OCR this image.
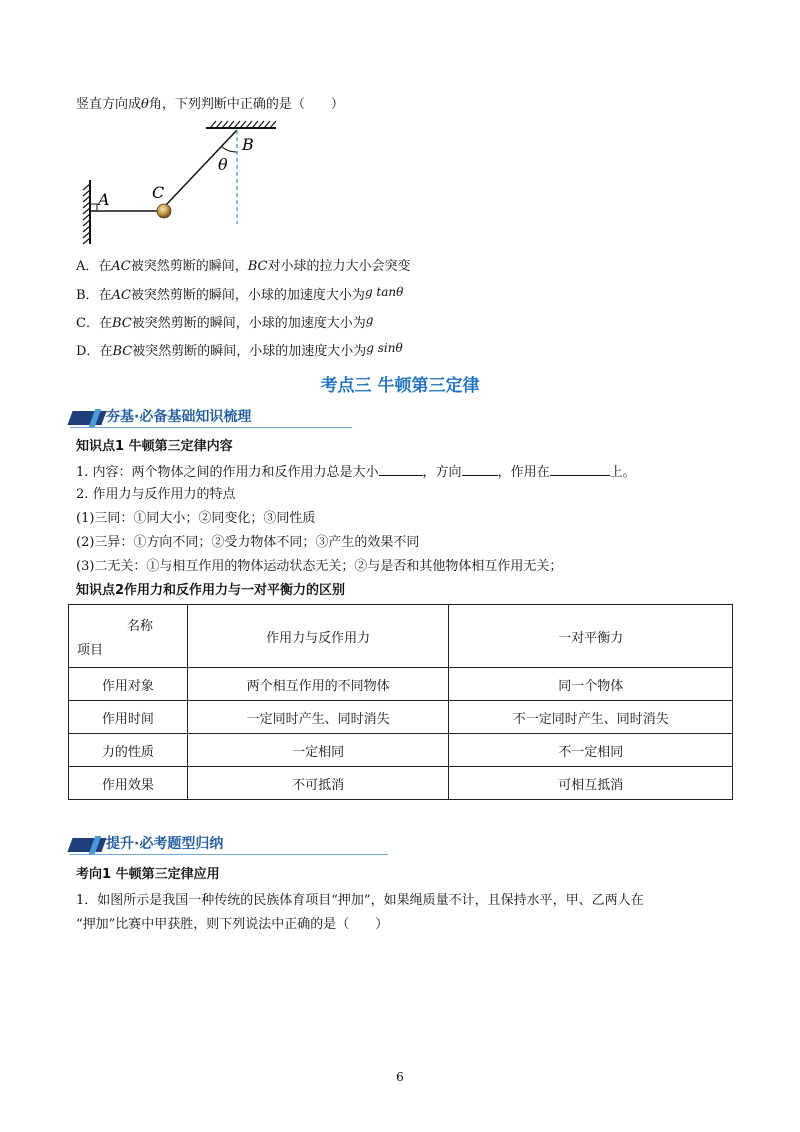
竖直方向成θ角，下列判断中正确的是（　　）
A	C
B
θ
A．在AC被突然剪断的瞬间，BC对小球的拉力大小会突变
B．在AC被突然剪断的瞬间，小球的加速度大小为g tanθ
C．在BC被突然剪断的瞬间，小球的加速度大小为g
D．在BC被突然剪断的瞬间，小球的加速度大小为g sinθ
考点三 牛顿第三定律
夯基·必备基础知识梳理
知识点1 牛顿第三定律内容
1. 内容：两个物体之间的作用力和反作用力总是大小	，方向	，作用在	上。
2. 作用力与反作用力的特点
(1)三同：①同大小；②同变化；③同性质
(2)三异：①方向不同；②受力物体不同；③产生的效果不同
(3)二无关：①与相互作用的物体运动状态无关；②与是否和其他物体相互作用无关；
知识点2作用力和反作用力与一对平衡力的区别
名称
项目	作用力与反作用力	一对平衡力
作用对象	两个相互作用的不同物体	同一个物体
作用时间	一定同时产生、同时消失	不一定同时产生、同时消失
力的性质	一定相同	不一定相同
作用效果	不可抵消	可相互抵消
提升·必考题型归纳
考向1 牛顿第三定律应用
1．如图所示是我国一种传统的民族体育项目“押加”，如果绳质量不计，且保持水平，甲、乙两人在
“押加”比赛中甲获胜，则下列说法中正确的是（　　）
6
